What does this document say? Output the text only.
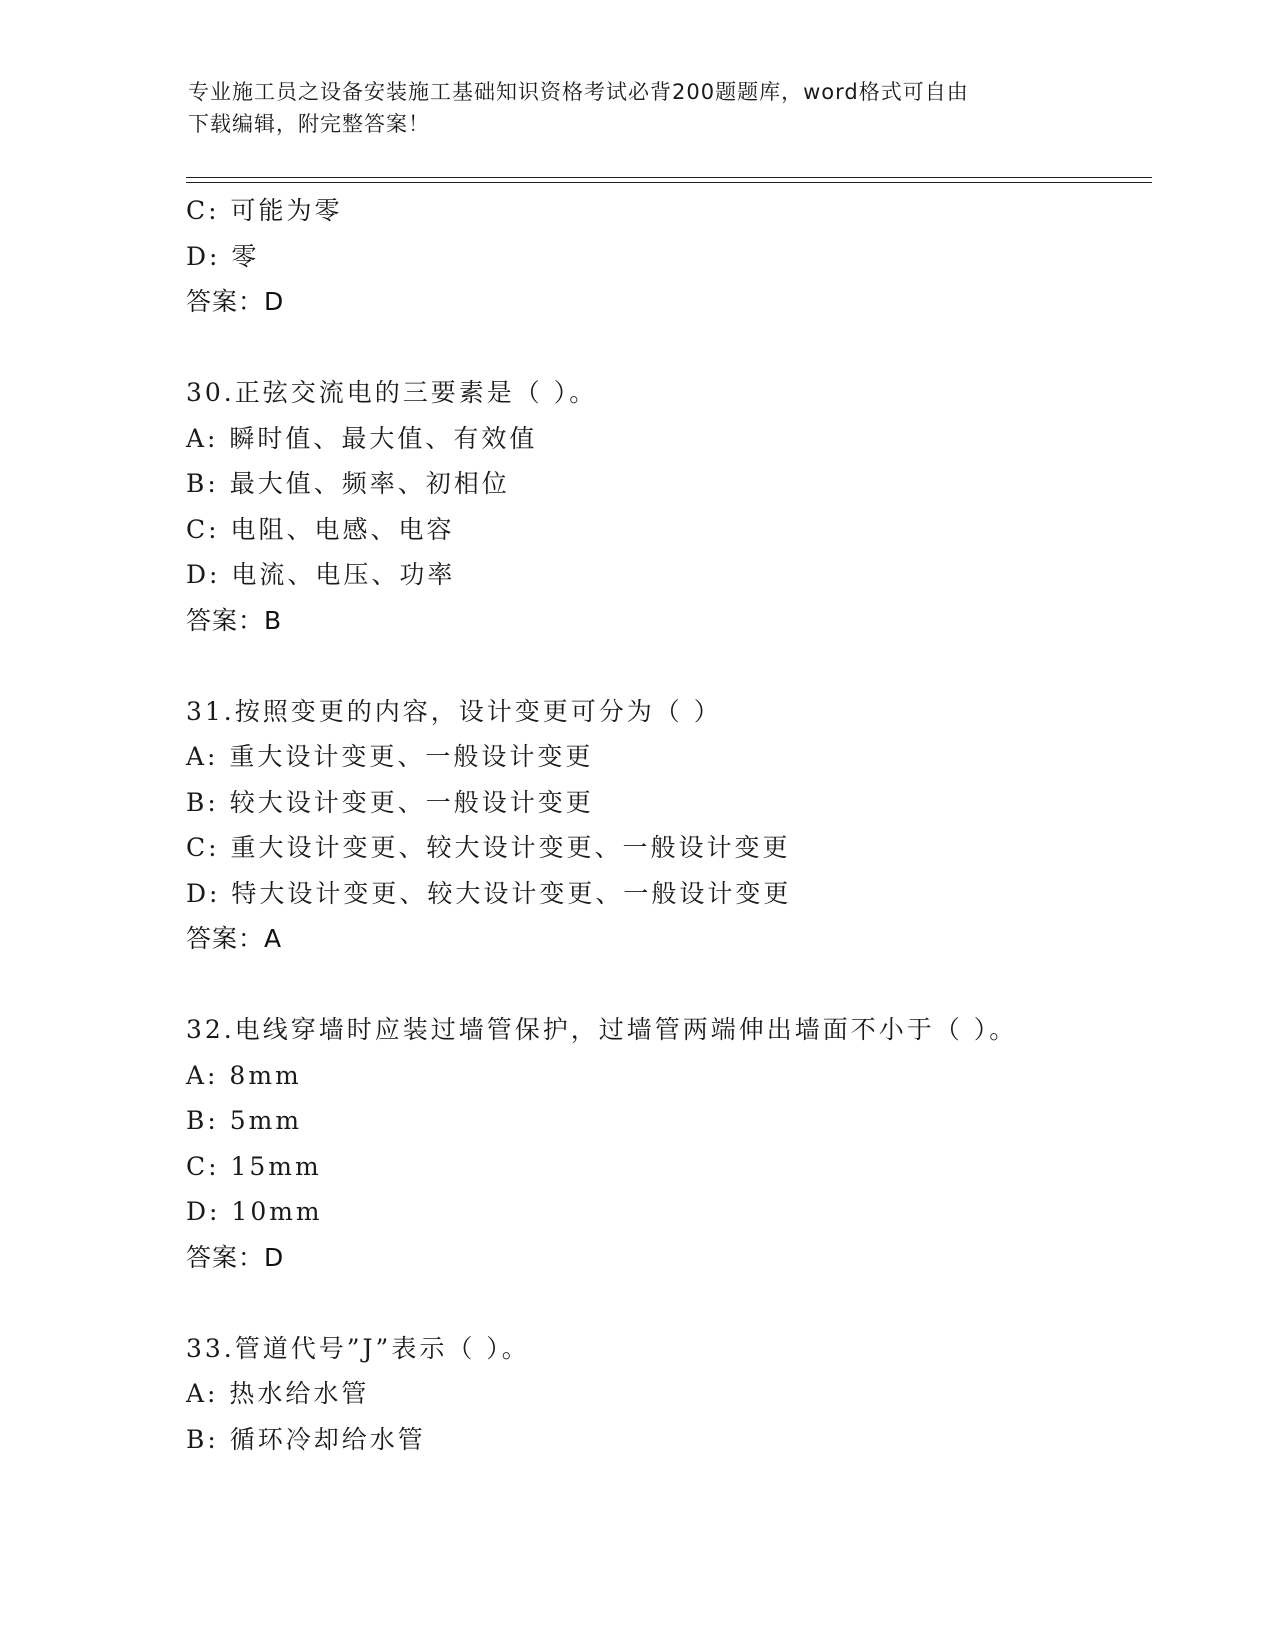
专业施工员之设备安装施工基础知识资格考试必背200题题库，word格式可自由
下载编辑，附完整答案！
C: 可能为零
D: 零
答案：D
30.正弦交流电的三要素是（ ）。
A: 瞬时值、最大值、有效值
B: 最大值、频率、初相位
C: 电阻、电感、电容
D: 电流、电压、功率
答案：B
31.按照变更的内容，设计变更可分为（ ）
A: 重大设计变更、一般设计变更
B: 较大设计变更、一般设计变更
C: 重大设计变更、较大设计变更、一般设计变更
D: 特大设计变更、较大设计变更、一般设计变更
答案：A
32.电线穿墙时应装过墙管保护，过墙管两端伸出墙面不小于（ ）。
A: 8mm
B: 5mm
C: 15mm
D: 10mm
答案：D
33.管道代号”J”表示（ ）。
A: 热水给水管
B: 循环冷却给水管
